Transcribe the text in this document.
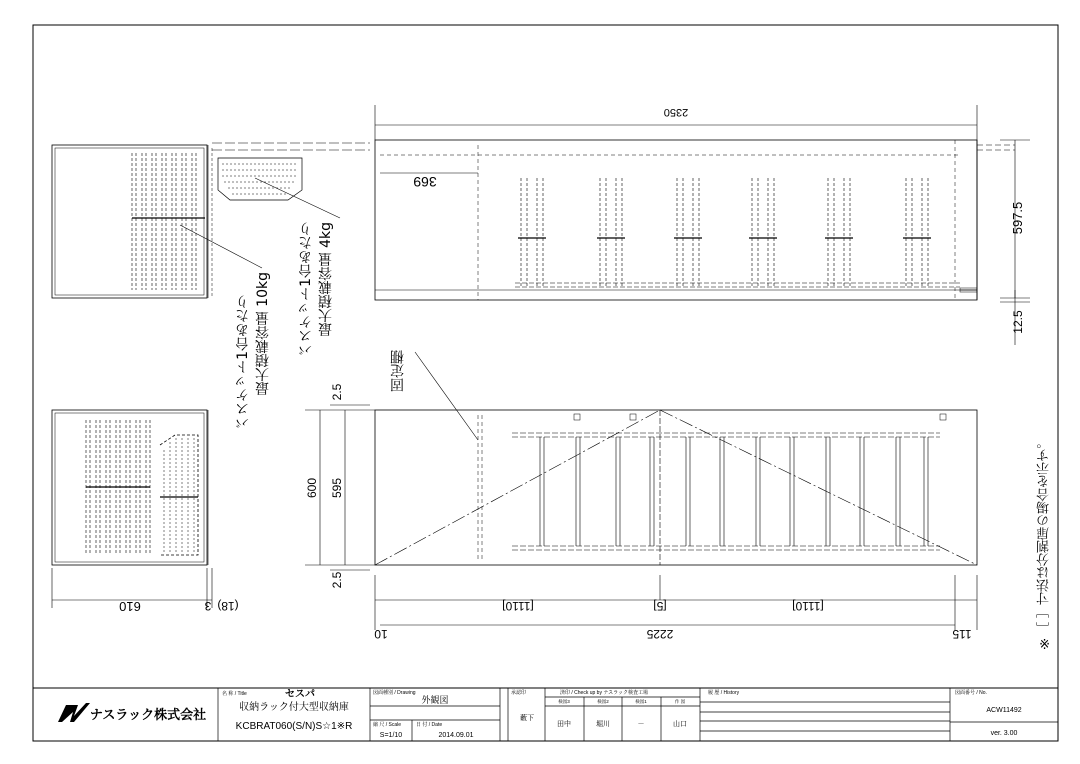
2350
369
610	3 (18)	[1110]	[5]	[1110]
2225
10	115
597.5
12.5
600 595
2.5
2.5
ナスラック株式会社
名 称 / Title	セスパ
収納ラック付大型収納庫
KCBRAT060(S/N)S☆1※R
図面種別 / Drawing
外観図
縮 尺 / Scale
S=1/10
日 付 / Date
2014.09.01
承認印
藪下
済印 / Check up by ナスラック検査工場
検図3	検図2	検図1	作 図
田中	堀川	－	山口
履 歴 / History	図面番号 / No.
ACW11492
ver. 3.00
バスケット1台あたり 最大積載容量 10kg バスケット1台あたり 最大積載容量 4kg
固定棚
※［ ］寸法は分割扉の場合を示す。
